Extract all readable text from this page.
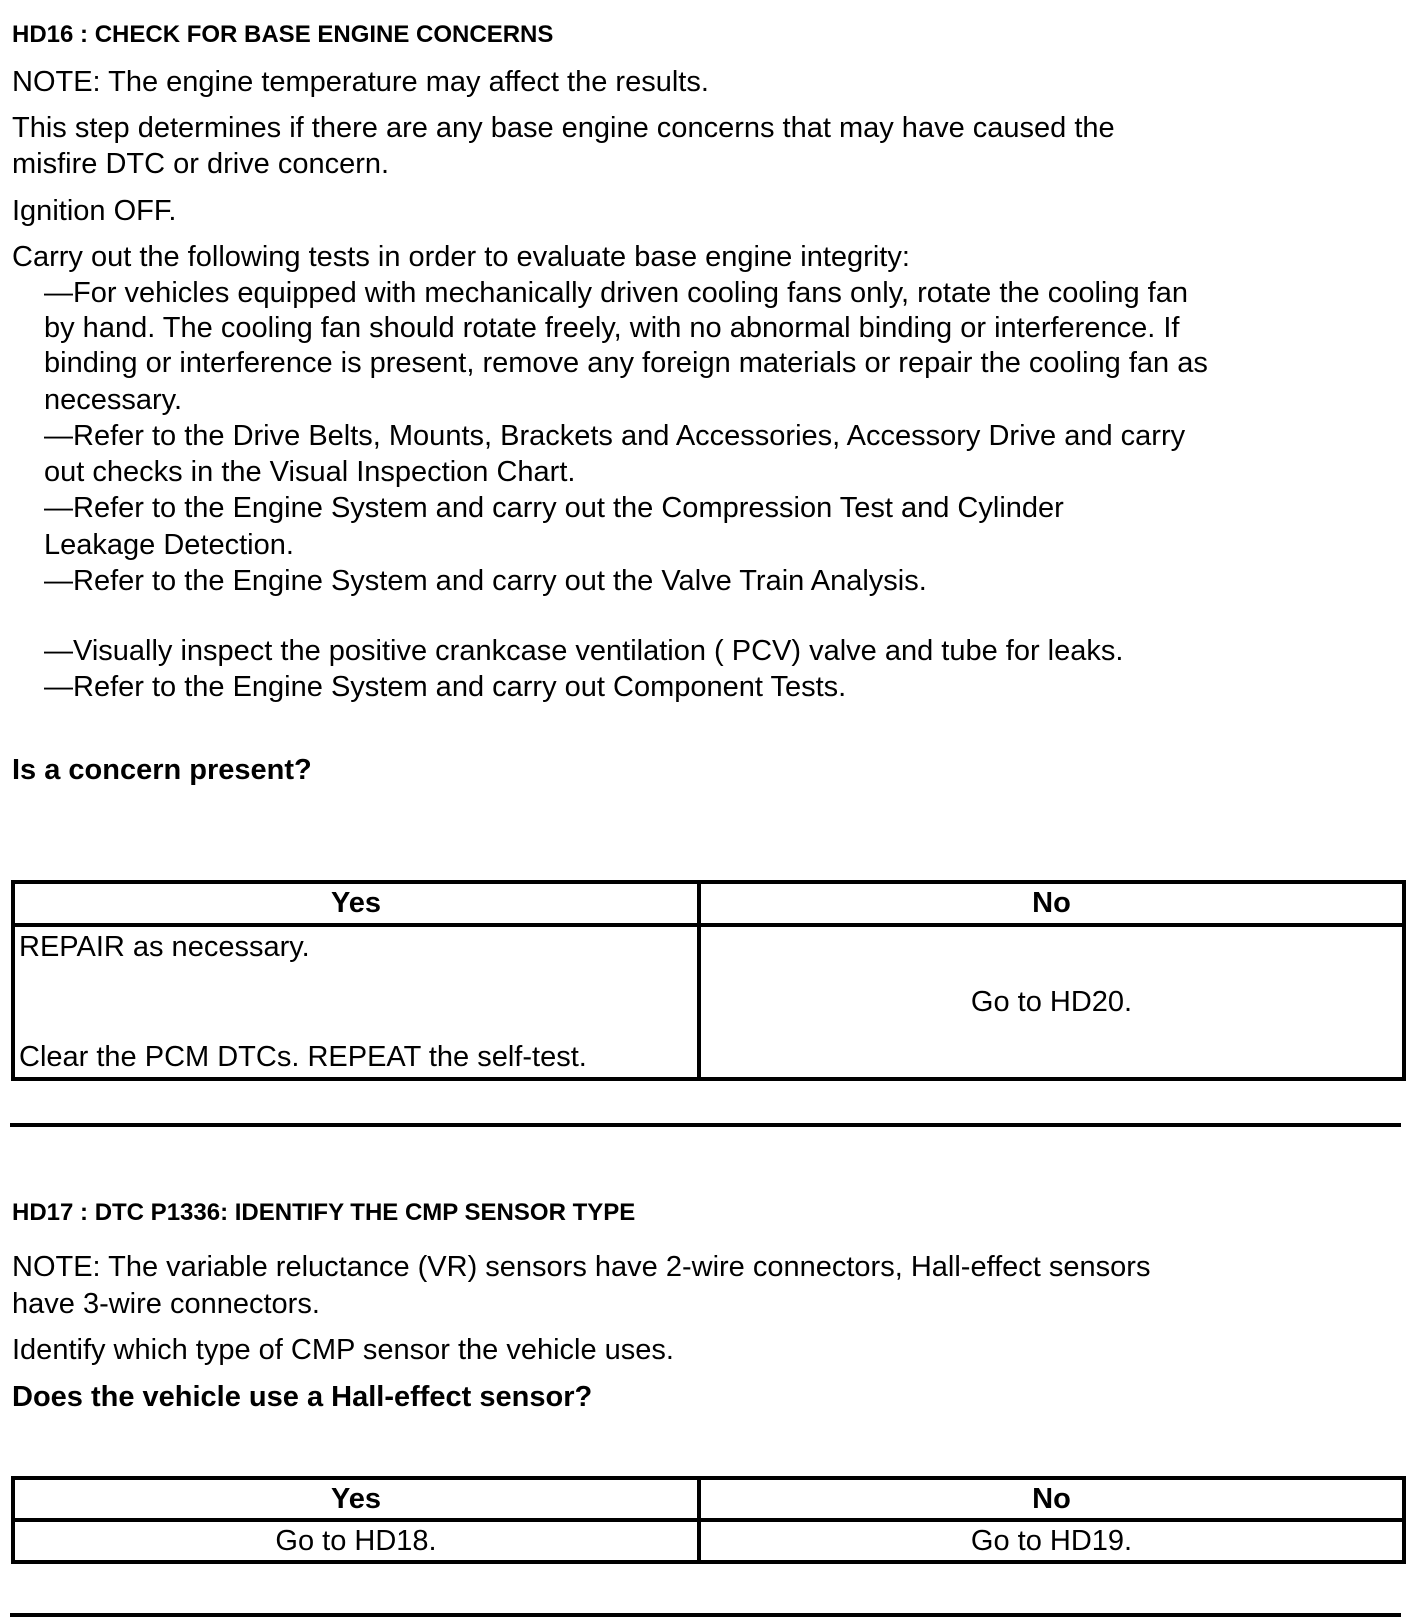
HD16 : CHECK FOR BASE ENGINE CONCERNS
NOTE: The engine temperature may affect the results.
This step determines if there are any base engine concerns that may have caused the
misfire DTC or drive concern.
Ignition OFF.
Carry out the following tests in order to evaluate base engine integrity:
—For vehicles equipped with mechanically driven cooling fans only, rotate the cooling fan
by hand. The cooling fan should rotate freely, with no abnormal binding or interference. If
binding or interference is present, remove any foreign materials or repair the cooling fan as
necessary.
—Refer to the Drive Belts, Mounts, Brackets and Accessories, Accessory Drive and carry
out checks in the Visual Inspection Chart.
—Refer to the Engine System and carry out the Compression Test and Cylinder
Leakage Detection.
—Refer to the Engine System and carry out the Valve Train Analysis.
—Visually inspect the positive crankcase ventilation ( PCV) valve and tube for leaks.
—Refer to the Engine System and carry out Component Tests.
Is a concern present?
Yes	No

REPAIR as necessary.
Clear the PCM DTCs. REPEAT the self-test.	Go to HD20.
HD17 : DTC P1336: IDENTIFY THE CMP SENSOR TYPE
NOTE: The variable reluctance (VR) sensors have 2-wire connectors, Hall-effect sensors
have 3-wire connectors.
Identify which type of CMP sensor the vehicle uses.
Does the vehicle use a Hall-effect sensor?
Yes	No
Go to HD18.	Go to HD19.
